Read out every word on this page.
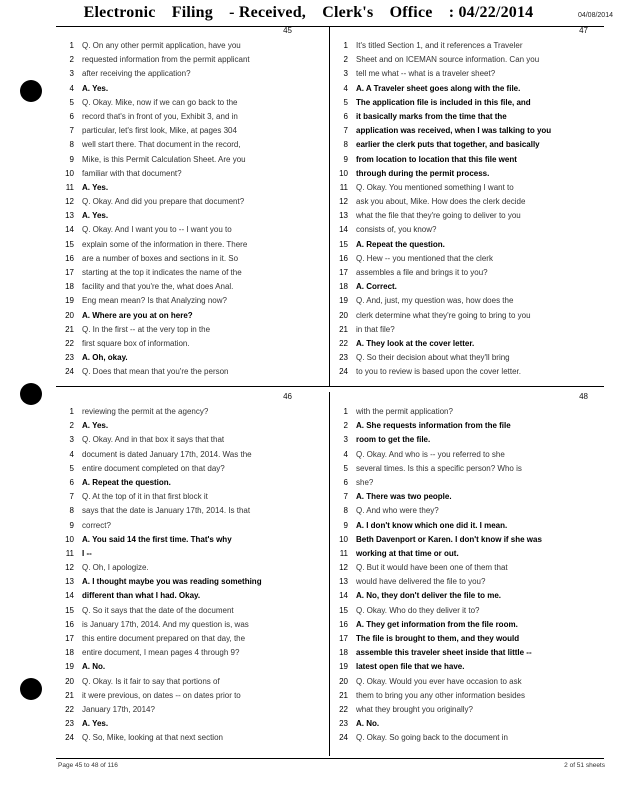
Electronic Filing - Received, Clerk's Office : 04/22/2014	04/08/2014
45
1 Q. On any other permit application, have you
2 requested information from the permit applicant
3 after receiving the application?
4 A. Yes.
5 Q. Okay. Mike, now if we can go back to the
6 record that's in front of you, Exhibit 3, and in
7 particular, let's first look, Mike, at pages 304
8 well start there. That document in the record,
9 Mike, is this Permit Calculation Sheet. Are you
10 familiar with that document?
11 A. Yes.
12 Q. Okay. And did you prepare that document?
13 A. Yes.
14 Q. Okay. And I want you to -- I want you to
15 explain some of the information in there. There
16 are a number of boxes and sections in it. So
17 starting at the top it indicates the name of the
18 facility and that you're the, what does Anal.
19 Eng mean mean? Is that Analyzing now?
20 A. Where are you at on here?
21 Q. In the first -- at the very top in the
22 first square box of information.
23 A. Oh, okay.
24 Q. Does that mean that you're the person
47
1 It's titled Section 1, and it references a Traveler
2 Sheet and on ICEMAN source information. Can you
3 tell me what -- what is a traveler sheet?
4 A. A Traveler sheet goes along with the file.
5 The application file is included in this file, and
6 it basically marks from the time that the
7 application was received, when I was talking to you
8 earlier the clerk puts that together, and basically
9 from location to location that this file went
10 through during the permit process.
11 Q. Okay. You mentioned something I want to
12 ask you about, Mike. How does the clerk decide
13 what the file that they're going to deliver to you
14 consists of, you know?
15 A. Repeat the question.
16 Q. Hew -- you mentioned that the clerk
17 assembles a file and brings it to you?
18 A. Correct.
19 Q. And, just, my question was, how does the
20 clerk determine what they're going to bring to you
21 in that file?
22 A. They look at the cover letter.
23 Q. So their decision about what they'll bring
24 to you to review is based upon the cover letter.
46
1 reviewing the permit at the agency?
2 A. Yes.
3 Q. Okay. And in that box it says that that
4 document is dated January 17th, 2014. Was the
5 entire document completed on that day?
6 A. Repeat the question.
7 Q. At the top of it in that first block it
8 says that the date is January 17th, 2014. Is that
9 correct?
10 A. You said 14 the first time. That's why
11 I --
12 Q. Oh, I apologize.
13 A. I thought maybe you was reading something
14 different than what I had. Okay.
15 Q. So it says that the date of the document
16 is January 17th, 2014. And my question is, was
17 this entire document prepared on that day, the
18 entire document, I mean pages 4 through 9?
19 A. No.
20 Q. Okay. Is it fair to say that portions of
21 it were previous, on dates -- on dates prior to
22 January 17th, 2014?
23 A. Yes.
24 Q. So, Mike, looking at that next section
48
1 with the permit application?
2 A. She requests information from the file
3 room to get the file.
4 Q. Okay. And who is -- you referred to she
5 several times. Is this a specific person? Who is
6 she?
7 A. There was two people.
8 Q. And who were they?
9 A. I don't know which one did it. I mean.
10 Beth Davenport or Karen. I don't know if she was
11 working at that time or out.
12 Q. But it would have been one of them that
13 would have delivered the file to you?
14 A. No, they don't deliver the file to me.
15 Q. Okay. Who do they deliver it to?
16 A. They get information from the file room.
17 The file is brought to them, and they would
18 assemble this traveler sheet inside that little --
19 latest open file that we have.
20 Q. Okay. Would you ever have occasion to ask
21 them to bring you any other information besides
22 what they brought you originally?
23 A. No.
24 Q. Okay. So going back to the document in
Page 45 to 48 of 116	2 of 51 sheets
